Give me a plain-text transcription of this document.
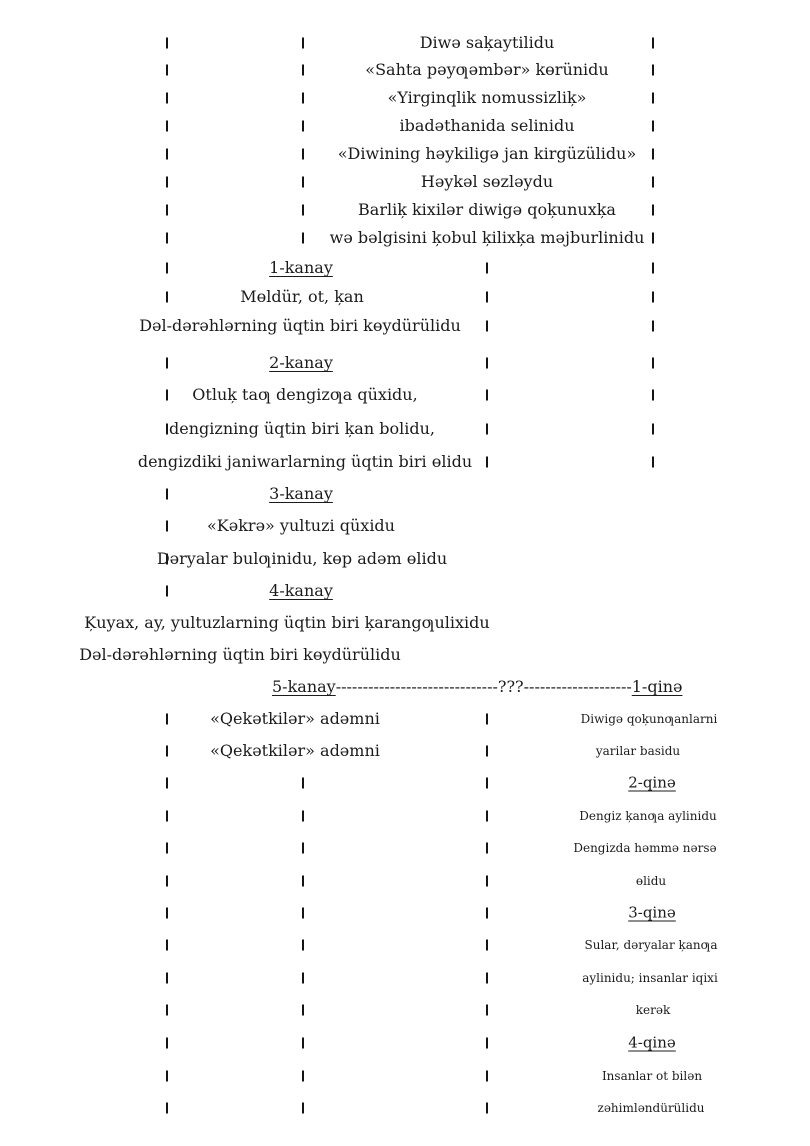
Diwə saķaytilidu
«Sahta pəyƣəmbər» kɵrünidu
«Yirginqlik nomussizliķ»
ibadəthanida selinidu
«Diwining həykiligə jan kirgüzülidu»
Həykəl sɵzləydu
Barliķ kixilər diwigə qoķunuxķa
wə bəlgisini ķobul ķilixķa məjburlinidu
1-kanay
Mɵldür, ot, ķan
Dəl-dərəhlərning üqtin biri kɵydürülidu
2-kanay
Otluķ taƣ dengizƣa qüxidu,
dengizning üqtin biri ķan bolidu,
dengizdiki janiwarlarning üqtin biri ɵlidu
3-kanay
«Kəkrə» yultuzi qüxidu
Dəryalar bulƣinidu, kɵp adəm ɵlidu
4-kanay
Ķuyax, ay, yultuzlarning üqtin biri ķarangƣulixidu
Dəl-dərəhlərning üqtin biri kɵydürülidu
«Qekətkilər» adəmni	Diwigə qoķunƣanlarni
«Qekətkilər» adəmni	yarilar basidu
2-qinə
Dengiz ķanƣa aylinidu
Dengizda həmmə nərsə
ɵlidu
3-qinə
Sular, dəryalar ķanƣa
aylinidu; insanlar iqixi
kerək
4-qinə
Insanlar ot bilən
zəhimləndürülidu
5-kanay------------------------------???--------------------1-qinə
